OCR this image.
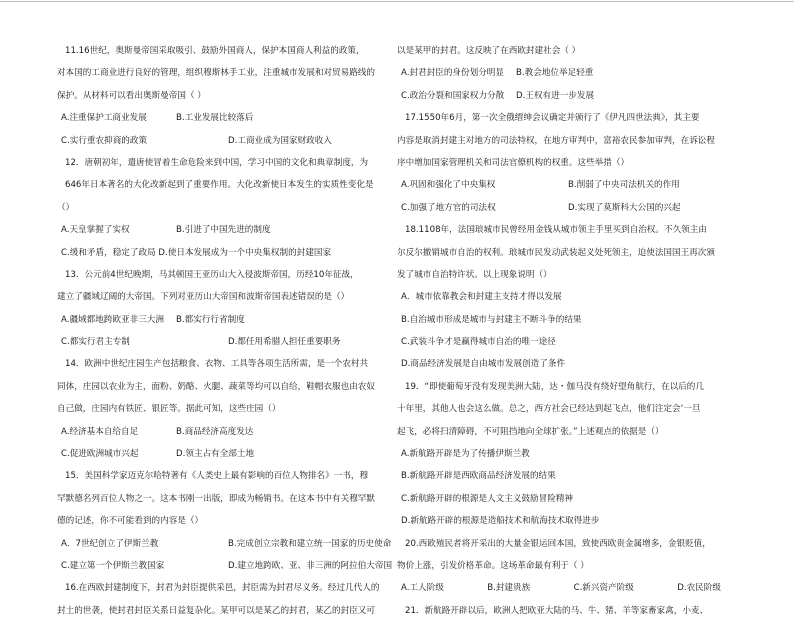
11.16世纪，奥斯曼帝国采取吸引、鼓励外国商人，保护本国商人利益的政策，
对本国的工商业进行良好的管理，组织穆斯林手工业，注重城市发展和对贸易路线的
保护。从材料可以看出奥斯曼帝国（ ）
A.注重保护工商业发展	B.工业发展比较落后
C.实行重农抑商的政策	D.工商业成为国家财政收入
12．唐朝初年，遣唐使冒着生命危险来到中国，学习中国的文化和典章制度，为
646年日本著名的大化改新起到了重要作用。大化改新使日本发生的实质性变化是
（）
A.天皇掌握了实权	B.引进了中国先进的制度
C.缓和矛盾，稳定了政局 D.使日本发展成为一个中央集权制的封建国家
13．公元前4世纪晚期，马其顿国王亚历山大入侵波斯帝国，历经10年征战，
建立了疆域辽阔的大帝国。下列对亚历山大帝国和波斯帝国表述错误的是（）
A.疆域都地跨欧亚非三大洲	B.都实行行省制度
C.都实行君主专制	D.都任用希腊人担任重要职务
14．欧洲中世纪庄园生产包括粮食、衣物、工具等各项生活所需，是一个农村共
同体，庄园以农业为主，面粉、奶酪、火腿、蔬菜等均可以自给，鞋帽衣服也由农奴
自己做，庄园内有铁匠、银匠等。据此可知，这些庄园（）
A.经济基本自给自足	B.商品经济高度发达
C.促进欧洲城市兴起	D.领主占有全部土地
15．美国科学家迈克尔哈特著有《人类史上最有影响的百位人物排名》一书，穆
罕默德名列百位人物之一。这本书刚一出版，即成为畅销书。在这本书中有关穆罕默
德的记述，你不可能看到的内容是（）
A．7世纪创立了伊斯兰教	B.完成创立宗教和建立统一国家的历史使命
C.建立第一个伊斯兰教国家	D.建立地跨欧、亚、非三洲的阿拉伯大帝国
16.在西欧封建制度下，封君为封臣提供采邑，封臣需为封君尽义务。经过几代人的
封土的世袭，使封君封臣关系日益复杂化。某甲可以是某乙的封君，某乙的封臣又可
以是某甲的封君。这反映了在西欧封建社会（ ）
A.封君封臣的身份划分明显	B.教会地位举足轻重
C.政治分裂和国家权力分散	D.王权有进一步发展
17.1550年6月，第一次全俄缙绅会议确定并颁行了《伊凡四世法典》，其主要
内容是取消封建主对地方的司法特权，在地方审判中，富裕农民参加审判，在诉讼程
序中增加国家管理机关和司法官僚机构的权重。这些举措（）
A.巩固和强化了中央集权	B.削弱了中央司法机关的作用
C.加强了地方官的司法权	D.实现了莫斯科大公国的兴起
18.1108年，法国琅城市民曾经用金钱从城市领主手里买到自治权。不久领主由
尔反尔撤销城市自治的权利。琅城市民发动武装起义处死领主，迫使法国国王再次颁
发了城市自治特许状。以上现象说明（）
A．城市依靠教会和封建主支持才得以发展
B.自治城市形成是城市与封建主不断斗争的结果
C.武装斗争才是赢得城市自治的唯一途径
D.商品经济发展是自由城市发展创造了条件
19．“即使葡萄牙没有发现美洲大陆，达・伽马没有绕好望角航行，在以后的几
十年里，其他人也会这么做。总之，西方社会已经达到起飞点，他们注定会‘一旦
起飞，必将扫清障碍，不可阻挡地向全球扩张。”上述观点的依据是（）
A.新航路开辟是为了传播伊斯兰教
B.新航路开辟是西欧商品经济发展的结果
C.新航路开辟的根源是人文主义鼓励冒险精神
D.新航路开辟的根源是造船技术和航海技术取得进步
20.西欧殖民者将开采出的大量金银运回本国，致使西欧贵金属增多，金银贬值，
物价上涨，引发价格革命。这场革命最有利于（ ）
A.工人阶级	B.封建贵族	C.新兴资产阶级	D.农民阶级
21．新航路开辟以后，欧洲人把欧亚大陆的马、牛、猪、羊等家畜家禽，小麦、
